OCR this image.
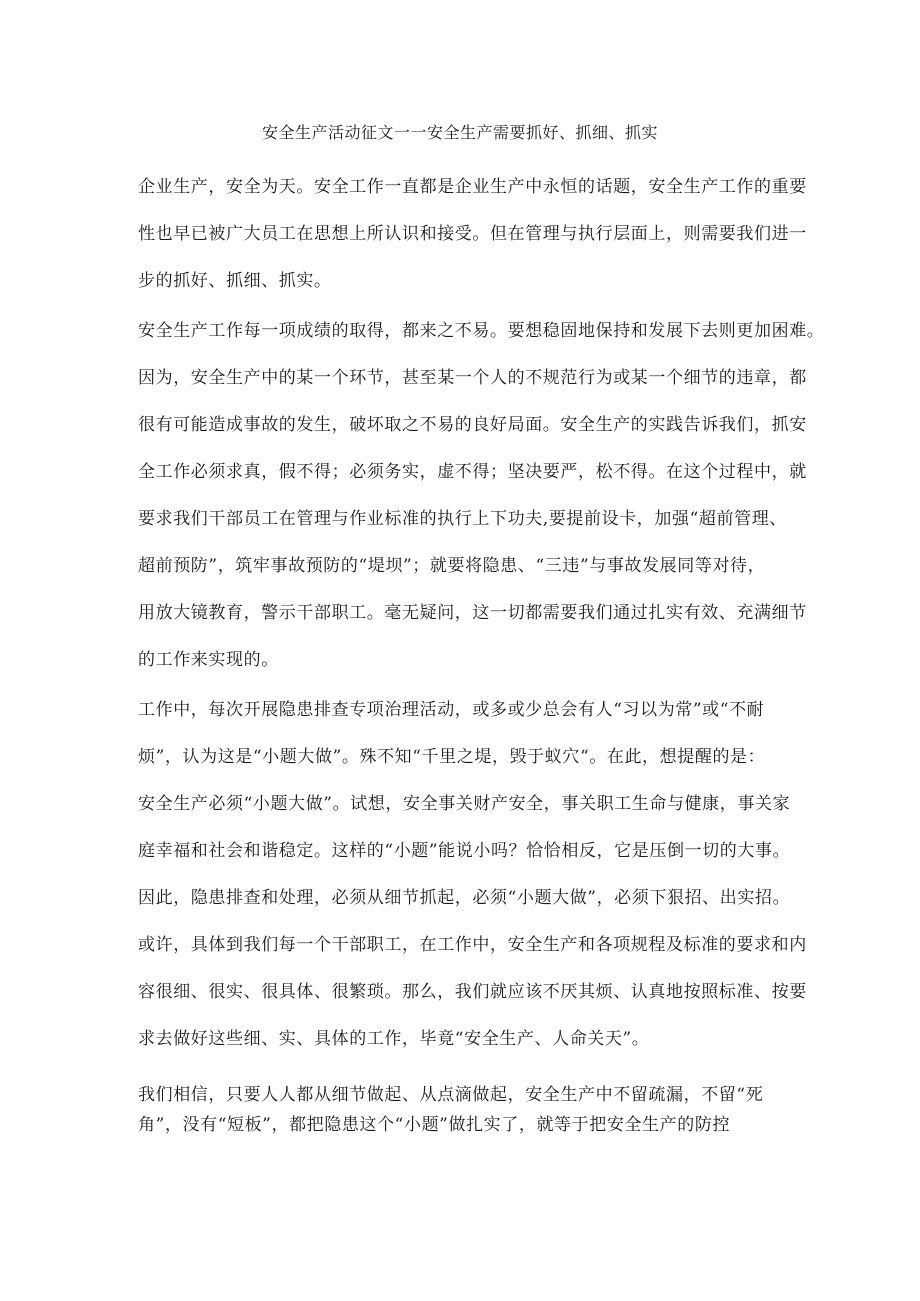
安全生产活动征文一一安全生产需要抓好、抓细、抓实
企业生产，安全为天。安全工作一直都是企业生产中永恒的话题，安全生产工作的重要
性也早已被广大员工在思想上所认识和接受。但在管理与执行层面上，则需要我们进一
步的抓好、抓细、抓实。
安全生产工作每一项成绩的取得，都来之不易。要想稳固地保持和发展下去则更加困难。
因为，安全生产中的某一个环节，甚至某一个人的不规范行为或某一个细节的违章，都
很有可能造成事故的发生，破坏取之不易的良好局面。安全生产的实践告诉我们，抓安
全工作必须求真，假不得；必须务实，虚不得；坚决要严，松不得。在这个过程中，就
要求我们干部员工在管理与作业标准的执行上下功夫,要提前设卡，加强“超前管理、
超前预防”，筑牢事故预防的“堤坝”；就要将隐患、“三违”与事故发展同等对待，
用放大镜教育，警示干部职工。毫无疑问，这一切都需要我们通过扎实有效、充满细节
的工作来实现的。
工作中，每次开展隐患排查专项治理活动，或多或少总会有人“习以为常”或“不耐
烦”，认为这是“小题大做”。殊不知“千里之堤，毁于蚁穴“。在此，想提醒的是：
安全生产必须“小题大做”。试想，安全事关财产安全，事关职工生命与健康，事关家
庭幸福和社会和谐稳定。这样的“小题”能说小吗？恰恰相反，它是压倒一切的大事。
因此，隐患排查和处理，必须从细节抓起，必须“小题大做”，必须下狠招、出实招。
或许，具体到我们每一个干部职工，在工作中，安全生产和各项规程及标准的要求和内
容很细、很实、很具体、很繁琐。那么，我们就应该不厌其烦、认真地按照标准、按要
求去做好这些细、实、具体的工作，毕竟“安全生产、人命关天”。
我们相信，只要人人都从细节做起、从点滴做起，安全生产中不留疏漏，不留“死
角”，没有“短板”，都把隐患这个“小题”做扎实了，就等于把安全生产的防控
